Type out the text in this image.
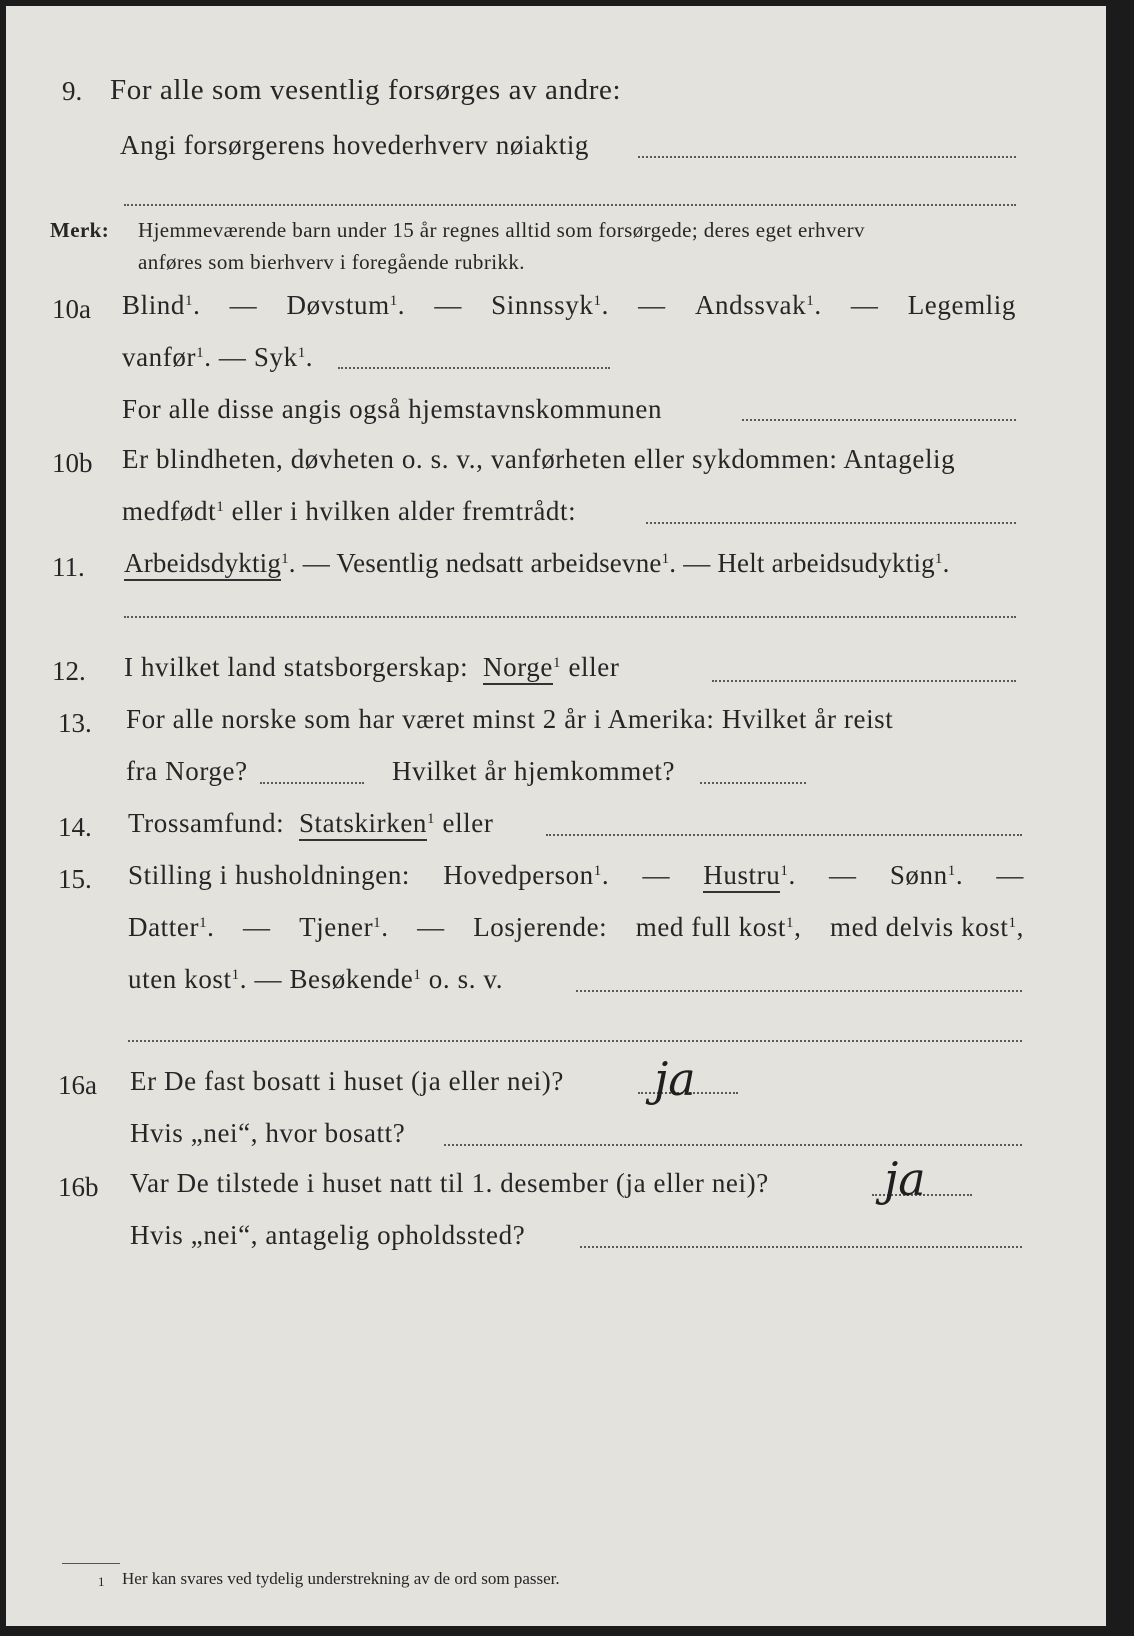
9. For alle som vesentlig forsørges av andre:
Angi forsørgerens hovederhverv nøiaktig
Merk: Hjemmeværende barn under 15 år regnes alltid som forsørgede; deres eget erhverv
anføres som bierhverv i foregående rubrikk.
10a Blind$^1$. — Døvstum$^1$. — Sinnssyk$^1$. — Andssvak$^1$. — Legemlig
vanfør$^1$. — Syk$^1$.
For alle disse angis også hjemstavnskommunen
10b Er blindheten, døvheten o. s. v., vanførheten eller sykdommen: Antagelig
medfødt$^1$ eller i hvilken alder fremtrådt:
11. Arbeidsdyktig$^1$. — Vesentlig nedsatt arbeidsevne$^1$. — Helt arbeidsudyktig$^1$.
12. I hvilket land statsborgerskap: Norge$^1$ eller
13. For alle norske som har været minst 2 år i Amerika: Hvilket år reist
fra Norge?	Hvilket år hjemkommet?
14. Trossamfund: Statskirken$^1$ eller
15. Stilling i husholdningen: Hovedperson$^1$. — Hustru$^1$. — Sønn$^1$. —
Datter$^1$. — Tjener$^1$. — Losjerende: med full kost$^1$, med delvis kost$^1$,
uten kost$^1$. — Besøkende$^1$ o. s. v.
16a Er De fast bosatt i huset (ja eller nei)? ja
Hvis „nei“, hvor bosatt?
16b Var De tilstede i huset natt til 1. desember (ja eller nei)?	ja
Hvis „nei“, antagelig opholdssted?
1 Her kan svares ved tydelig understrekning av de ord som passer.
